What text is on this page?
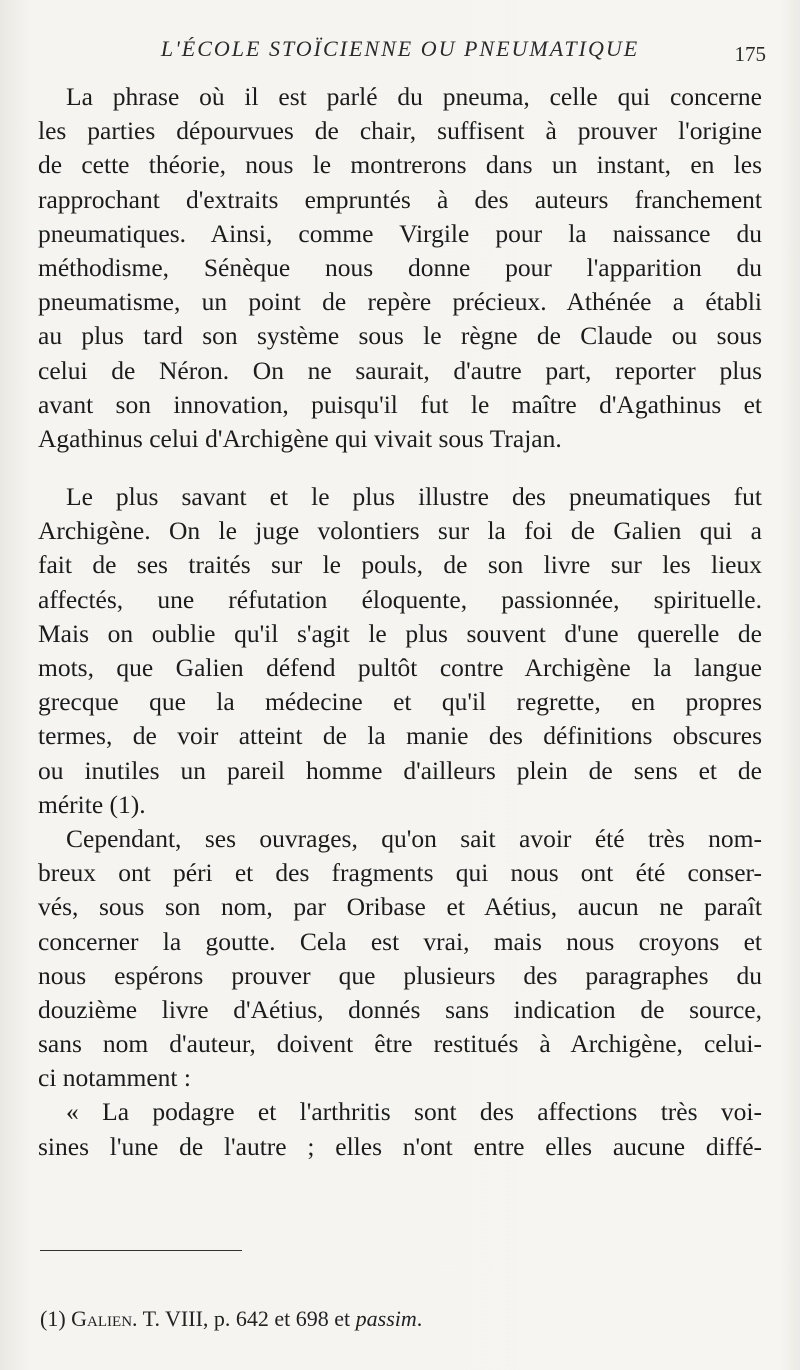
L'ÉCOLE STOÏCIENNE OU PNEUMATIQUE	175
La phrase où il est parlé du pneuma, celle qui concerne
les parties dépourvues de chair, suffisent à prouver l'origine
de cette théorie, nous le montrerons dans un instant, en les
rapprochant d'extraits empruntés à des auteurs franchement
pneumatiques. Ainsi, comme Virgile pour la naissance du
méthodisme, Sénèque nous donne pour l'apparition du
pneumatisme, un point de repère précieux. Athénée a établi
au plus tard son système sous le règne de Claude ou sous
celui de Néron. On ne saurait, d'autre part, reporter plus
avant son innovation, puisqu'il fut le maître d'Agathinus et
Agathinus celui d'Archigène qui vivait sous Trajan.
Le plus savant et le plus illustre des pneumatiques fut
Archigène. On le juge volontiers sur la foi de Galien qui a
fait de ses traités sur le pouls, de son livre sur les lieux
affectés, une réfutation éloquente, passionnée, spirituelle.
Mais on oublie qu'il s'agit le plus souvent d'une querelle de
mots, que Galien défend pultôt contre Archigène la langue
grecque que la médecine et qu'il regrette, en propres
termes, de voir atteint de la manie des définitions obscures
ou inutiles un pareil homme d'ailleurs plein de sens et de
mérite (1).
Cependant, ses ouvrages, qu'on sait avoir été très nom-
breux ont péri et des fragments qui nous ont été conser-
vés, sous son nom, par Oribase et Aétius, aucun ne paraît
concerner la goutte. Cela est vrai, mais nous croyons et
nous espérons prouver que plusieurs des paragraphes du
douzième livre d'Aétius, donnés sans indication de source,
sans nom d'auteur, doivent être restitués à Archigène, celui-
ci notamment :
« La podagre et l'arthritis sont des affections très voi-
sines l'une de l'autre ; elles n'ont entre elles aucune diffé-
(1) Galien. T. VIII, p. 642 et 698 et passim.
